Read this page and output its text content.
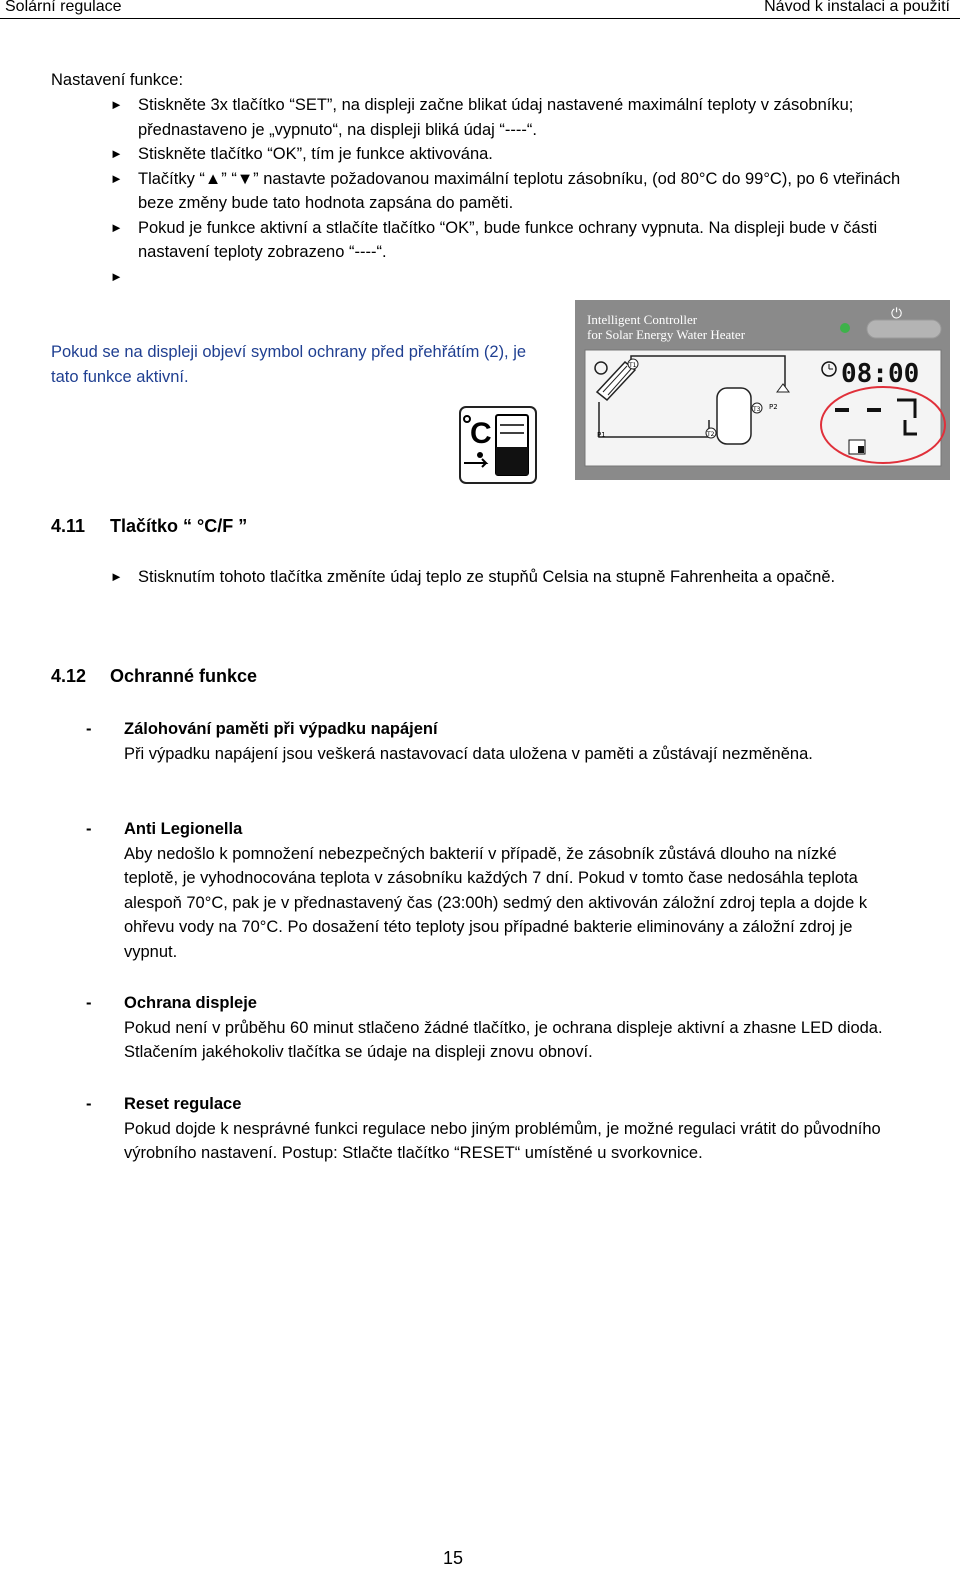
Solární regulace	Návod k instalaci a použití
Nastavení funkce:
► Stiskněte 3x tlačítko “SET”, na displeji začne blikat údaj nastavené maximální teploty v zásobníku; přednastaveno je „vypnuto“, na displeji bliká údaj “----“.
► Stiskněte tlačítko “OK”, tím je funkce aktivována.
► Tlačítky “▲” “▼” nastavte požadovanou maximální teplotu zásobníku, (od 80°C do 99°C), po 6 vteřinách beze změny bude tato hodnota zapsána do paměti.
► Pokud je funkce aktivní a stlačíte tlačítko “OK”, bude funkce ochrany vypnuta. Na displeji bude v části nastavení teploty zobrazeno “----“.
►
Pokud se na displeji objeví symbol ochrany před přehřátím (2), je tato funkce aktivní.
C
Intelligent Controller
for Solar Energy Water Heater
⏻
T1
T2
T3
P1
P2
08:00
4.11 Tlačítko “ °C/F ”
► Stisknutím tohoto tlačítka změníte údaj teplo ze stupňů Celsia na stupně Fahrenheita a opačně.
4.12 Ochranné funkce
- Zálohování paměti při výpadku napájení
Při výpadku napájení jsou veškerá nastavovací data uložena v paměti a zůstávají nezměněna.
- Anti Legionella
Aby nedošlo k pomnožení nebezpečných bakterií v případě, že zásobník zůstává dlouho na nízké teplotě, je vyhodnocována teplota v zásobníku každých 7 dní. Pokud v tomto čase nedosáhla teplota alespoň 70°C, pak je v přednastavený čas (23:00h) sedmý den aktivován záložní zdroj tepla a dojde k ohřevu vody na 70°C. Po dosažení této teploty jsou případné bakterie eliminovány a záložní zdroj je vypnut.
- Ochrana displeje
Pokud není v průběhu 60 minut stlačeno žádné tlačítko, je ochrana displeje aktivní a zhasne LED dioda. Stlačením jakéhokoliv tlačítka se údaje na displeji znovu obnoví.
- Reset regulace
Pokud dojde k nesprávné funkci regulace nebo jiným problémům, je možné regulaci vrátit do původního výrobního nastavení. Postup: Stlačte tlačítko “RESET“ umístěné u svorkovnice.
15
